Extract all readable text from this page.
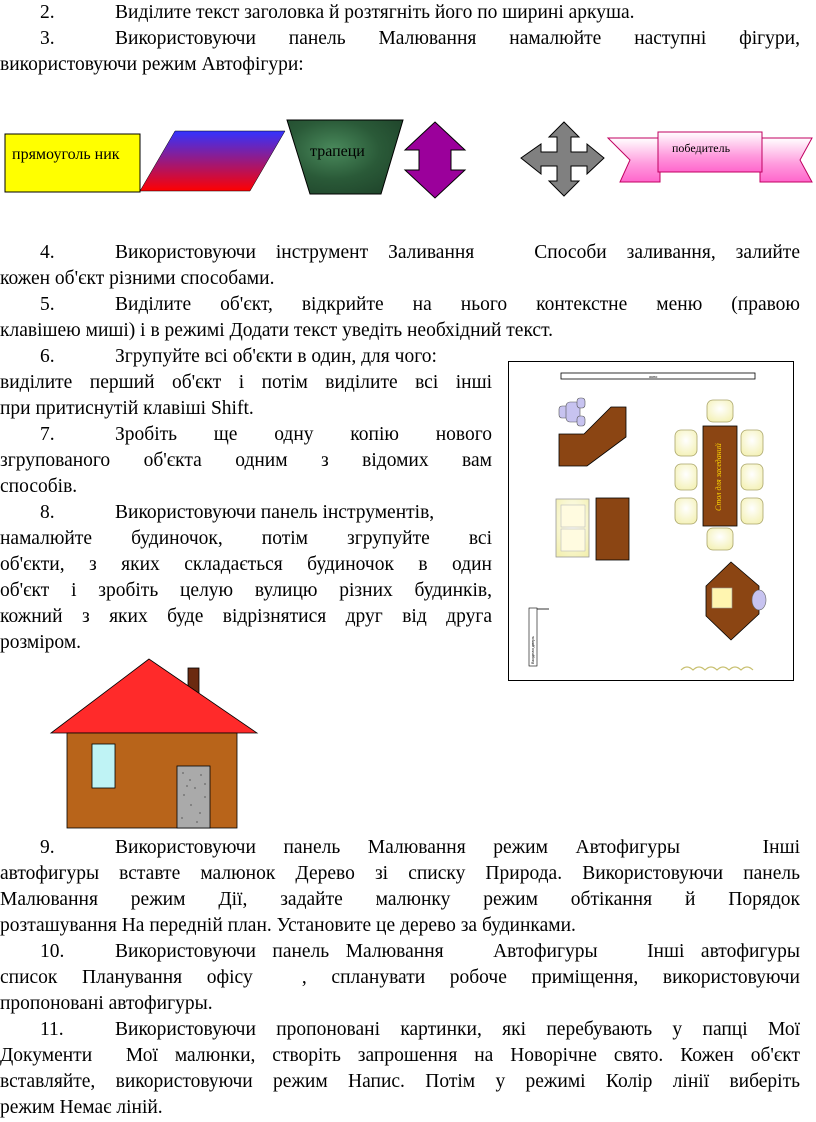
2.	Виділите текст заголовка й розтягніть його по ширині аркуша.
3.	Використовуючи панель Малювання намалюйте наступні фігури,
використовуючи режим Автофігури:
прямоуголь ник	трапеци	победитель
4.	Використовуючи інструмент Заливання   Способи заливання, залийте
кожен об'єкт різними способами.
5.	Виділите об'єкт, відкрийте на нього контекстне меню (правою
клавішею миші) і в режимі Додати текст уведіть необхідний текст.
6.	Згрупуйте всі об'єкти в один, для чого:
виділите перший об'єкт і потім виділите всі інші
при притиснутій клавіші Shift.
7.	Зробіть ще одну копію нового
згрупованого об'єкта одним з відомих вам
способів.
8.	Використовуючи панель інструментів,
намалюйте будиночок, потім згрупуйте всі
об'єкти, з яких складається будиночок в один
об'єкт і зробіть целую вулицю різних будинків,
кожний з яких буде відрізнятися друг від друга
розміром.
окно
Стол для заседаний
Входная дверь
9.	Використовуючи панель Малювання режим Автофигуры   Інші
автофигуры вставте малюнок Дерево зі списку Природа. Використовуючи панель
Малювання режим Дії, задайте малюнку режим обтікання й Порядок
розташування На передній план. Установите це дерево за будинками.
10.	Використовуючи панель Малювання   Автофигуры   Інші автофигуры
список Планування офісу  , спланувати робоче приміщення, використовуючи
пропоновані автофигуры.
11.	Використовуючи пропоновані картинки, які перебувають у папці Мої
Документи  Мої малюнки, створіть запрошення на Новорічне свято. Кожен об'єкт
вставляйте, використовуючи режим Напис. Потім у режимі Колір лінії виберіть
режим Немає ліній.
